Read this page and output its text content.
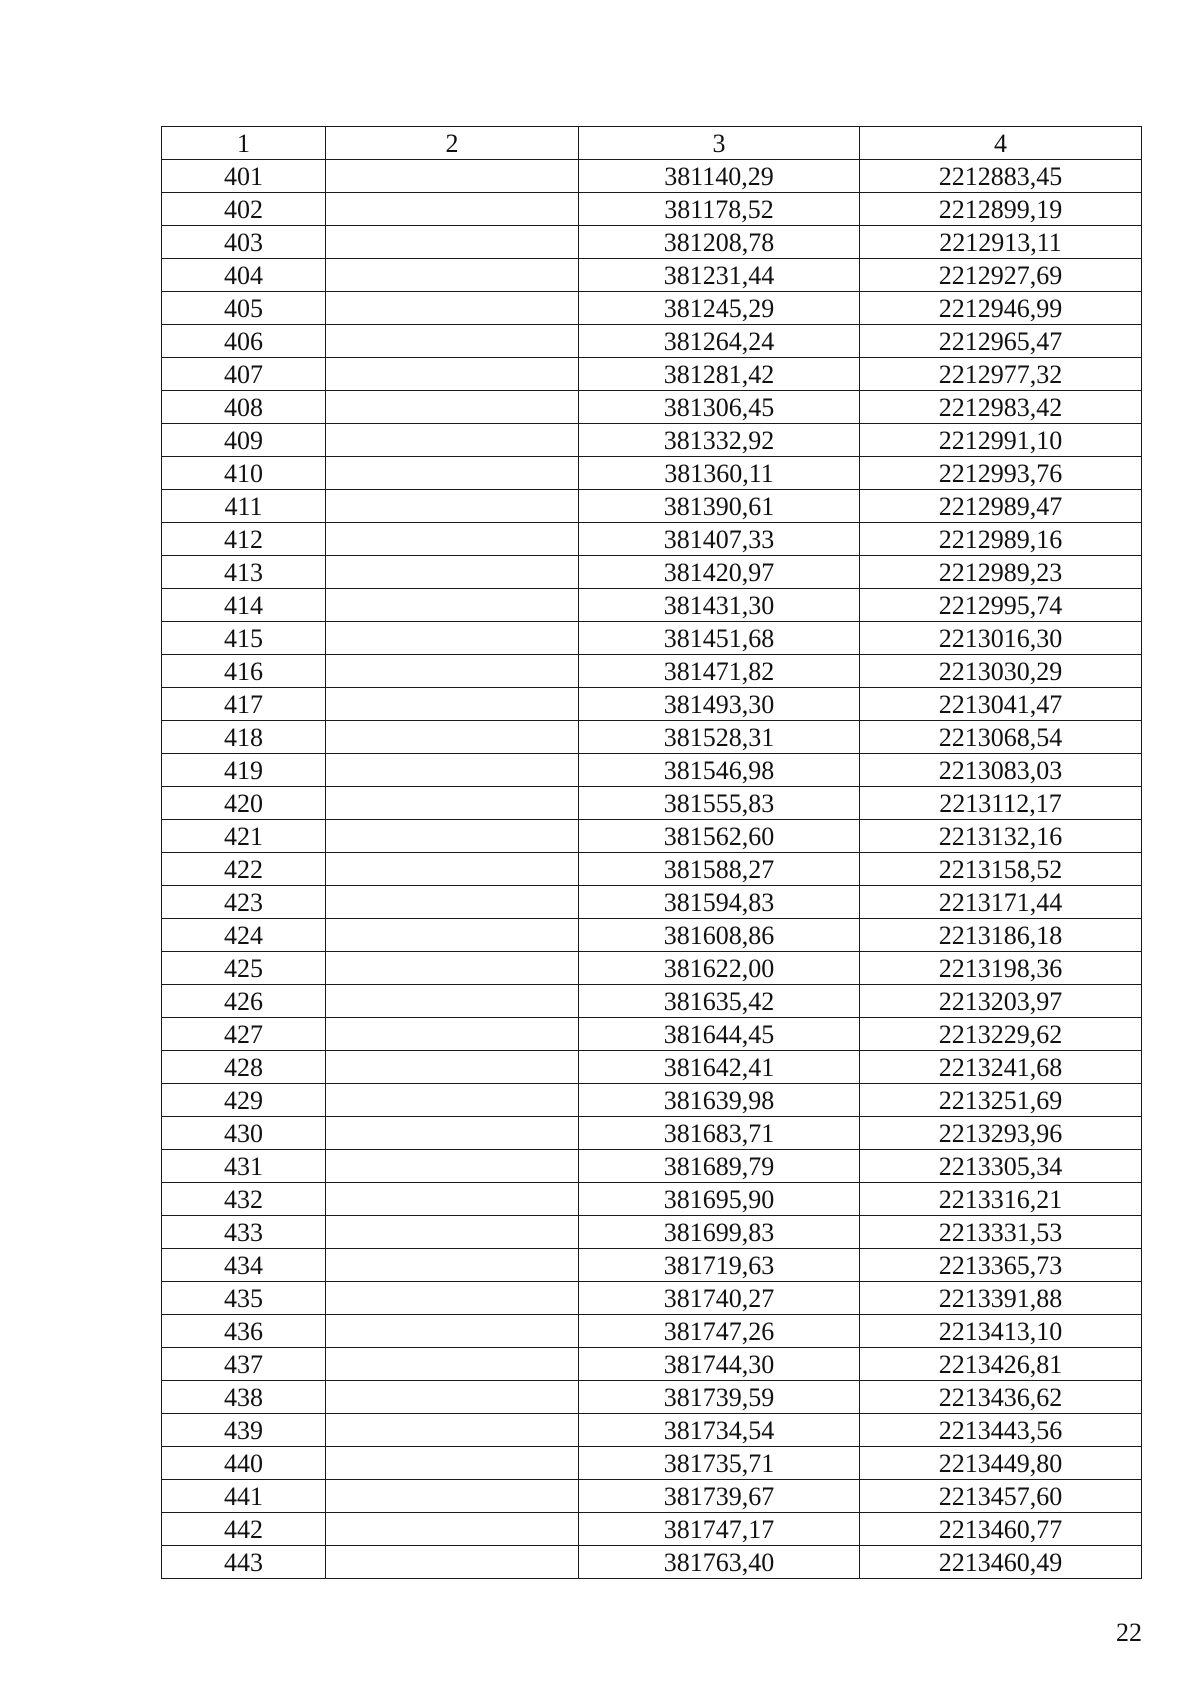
1	2	3	4
401		381140,29	2212883,45
402		381178,52	2212899,19
403		381208,78	2212913,11
404		381231,44	2212927,69
405		381245,29	2212946,99
406		381264,24	2212965,47
407		381281,42	2212977,32
408		381306,45	2212983,42
409		381332,92	2212991,10
410		381360,11	2212993,76
411		381390,61	2212989,47
412		381407,33	2212989,16
413		381420,97	2212989,23
414		381431,30	2212995,74
415		381451,68	2213016,30
416		381471,82	2213030,29
417		381493,30	2213041,47
418		381528,31	2213068,54
419		381546,98	2213083,03
420		381555,83	2213112,17
421		381562,60	2213132,16
422		381588,27	2213158,52
423		381594,83	2213171,44
424		381608,86	2213186,18
425		381622,00	2213198,36
426		381635,42	2213203,97
427		381644,45	2213229,62
428		381642,41	2213241,68
429		381639,98	2213251,69
430		381683,71	2213293,96
431		381689,79	2213305,34
432		381695,90	2213316,21
433		381699,83	2213331,53
434		381719,63	2213365,73
435		381740,27	2213391,88
436		381747,26	2213413,10
437		381744,30	2213426,81
438		381739,59	2213436,62
439		381734,54	2213443,56
440		381735,71	2213449,80
441		381739,67	2213457,60
442		381747,17	2213460,77
443		381763,40	2213460,49
22
